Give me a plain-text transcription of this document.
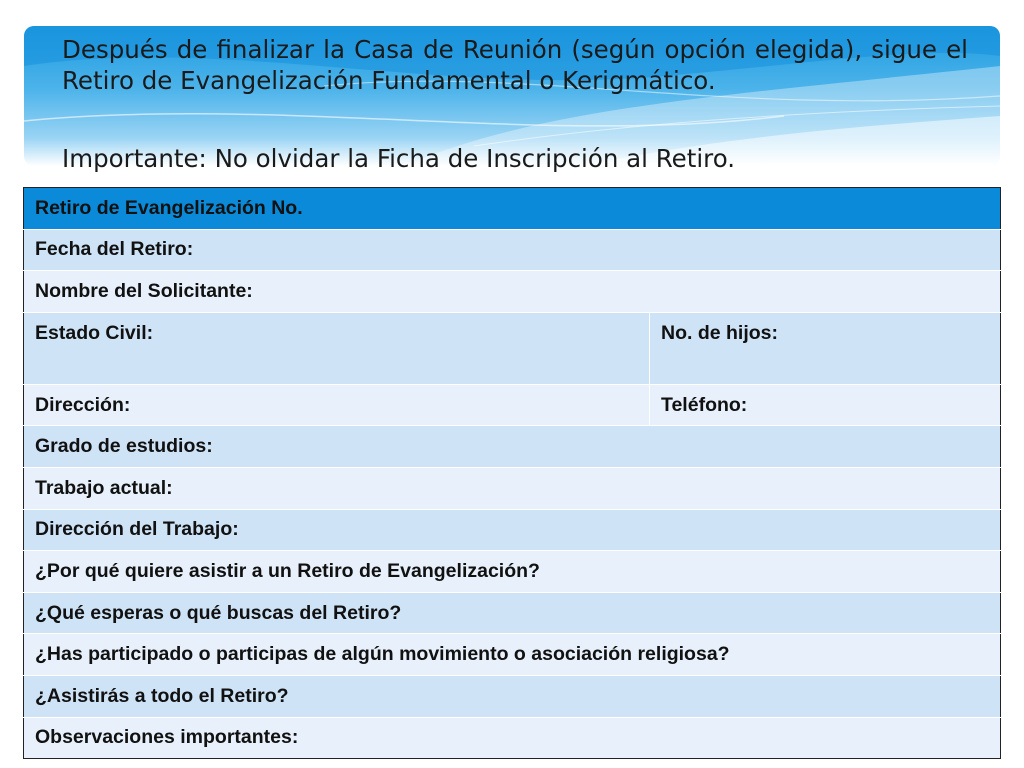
Después de finalizar la Casa de Reunión (según opción elegida), sigue el Retiro de Evangelización Fundamental o Kerigmático.

Importante: No olvidar la Ficha de Inscripción al Retiro.

Retiro de Evangelización No.	
Fecha del Retiro:	
Nombre del Solicitante:	
Estado Civil:	No. de hijos:
Dirección:	Teléfono:
Grado de estudios:	
Trabajo actual:	
Dirección del Trabajo:	
¿Por qué quiere asistir a un Retiro de Evangelización?	
¿Qué esperas o qué buscas del Retiro?	
¿Has participado o participas de algún movimiento o asociación religiosa?	
¿Asistirás a todo el Retiro?	
Observaciones importantes:	
